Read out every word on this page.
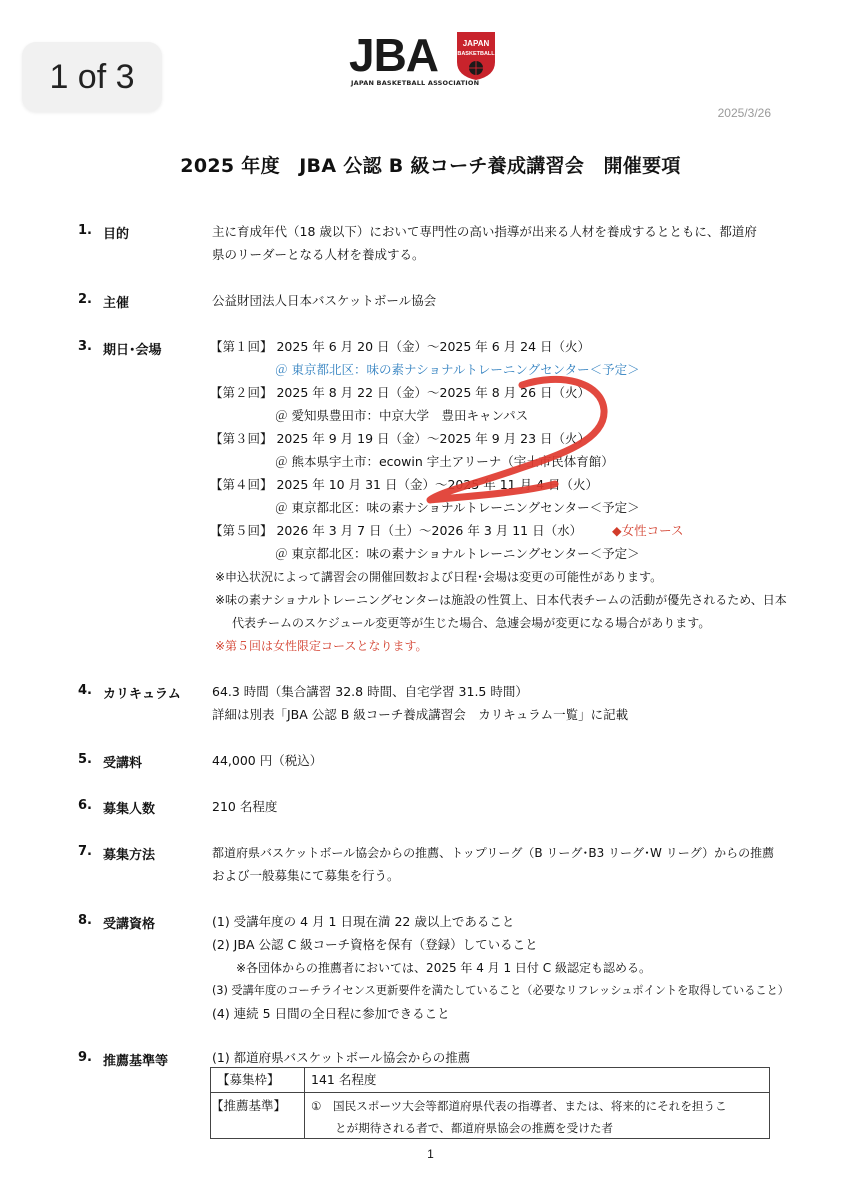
1 of 3	JBA
JAPAN BASKETBALL ASSOCIATION
JAPAN
BASKETBALL
2025/3/26
2025 年度　JBA 公認 B 級コーチ養成講習会　開催要項
1. 目的	主に育成年代（18 歳以下）において専門性の高い指導が出来る人材を養成するとともに、都道府
県のリーダーとなる人材を養成する。
2. 主催	公益財団法人日本バスケットボール協会
3. 期日･会場	【第１回】 2025 年 6 月 20 日（金）～2025 年 6 月 24 日（火）
＠ 東京都北区：味の素ナショナルトレーニングセンター＜予定＞
【第２回】 2025 年 8 月 22 日（金）～2025 年 8 月 26 日（火）
＠ 愛知県豊田市：中京大学　豊田キャンパス
【第３回】 2025 年 9 月 19 日（金）～2025 年 9 月 23 日（火）
＠ 熊本県宇土市：ecowin 宇土アリーナ（宇土市民体育館）
【第４回】 2025 年 10 月 31 日（金）～2025 年 11 月 4 日（火）
＠ 東京都北区：味の素ナショナルトレーニングセンター＜予定＞
【第５回】 2026 年 3 月 7 日（土）～2026 年 3 月 11 日（水） ◆女性コース
＠ 東京都北区：味の素ナショナルトレーニングセンター＜予定＞
※申込状況によって講習会の開催回数および日程･会場は変更の可能性があります。
※味の素ナショナルトレーニングセンターは施設の性質上、日本代表チームの活動が優先されるため、日本
代表チームのスケジュール変更等が生じた場合、急遽会場が変更になる場合があります。
※第５回は女性限定コースとなります。
4. カリキュラム 64.3 時間（集合講習 32.8 時間、自宅学習 31.5 時間）
詳細は別表「JBA 公認 B 級コーチ養成講習会　カリキュラム一覧」に記載
5. 受講料	44,000 円（税込）
6. 募集人数	210 名程度
7. 募集方法	都道府県バスケットボール協会からの推薦、トップリーグ（B リーグ･B3 リーグ･W リーグ）からの推薦
および一般募集にて募集を行う。
8. 受講資格	(1) 受講年度の 4 月 1 日現在満 22 歳以上であること
(2) JBA 公認 C 級コーチ資格を保有（登録）していること
※各団体からの推薦者においては、2025 年 4 月 1 日付 C 級認定も認める。
(3) 受講年度のコーチライセンス更新要件を満たしていること（必要なリフレッシュポイントを取得していること）
(4) 連続 5 日間の全日程に参加できること
9. 推薦基準等	(1) 都道府県バスケットボール協会からの推薦
【募集枠】	141 名程度
【推薦基準】 ①　国民スポーツ大会等都道府県代表の指導者、または、将来的にそれを担うこ
とが期待される者で、都道府県協会の推薦を受けた者
1
